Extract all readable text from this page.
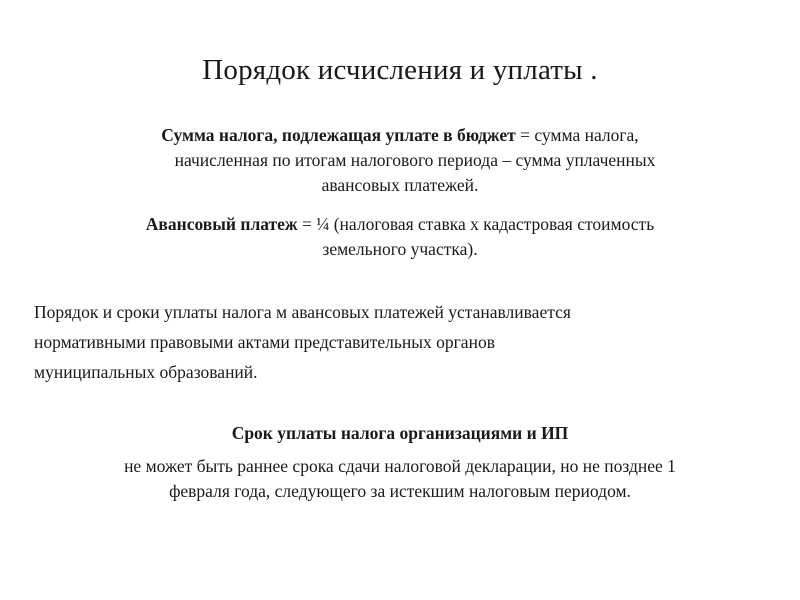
Порядок исчисления и уплаты .
Сумма налога, подлежащая уплате в бюджет = сумма налога,
начисленная по итогам налогового периода – сумма уплаченных
авансовых платежей.
Авансовый платеж = ¼ (налоговая ставка х кадастровая стоимость
земельного участка).
Порядок и сроки уплаты налога м авансовых платежей устанавливается
нормативными правовыми актами представительных органов
муниципальных образований.
Срок уплаты налога организациями и ИП
не может быть раннее срока сдачи налоговой декларации, но не позднее 1
февраля года, следующего за истекшим налоговым периодом.
